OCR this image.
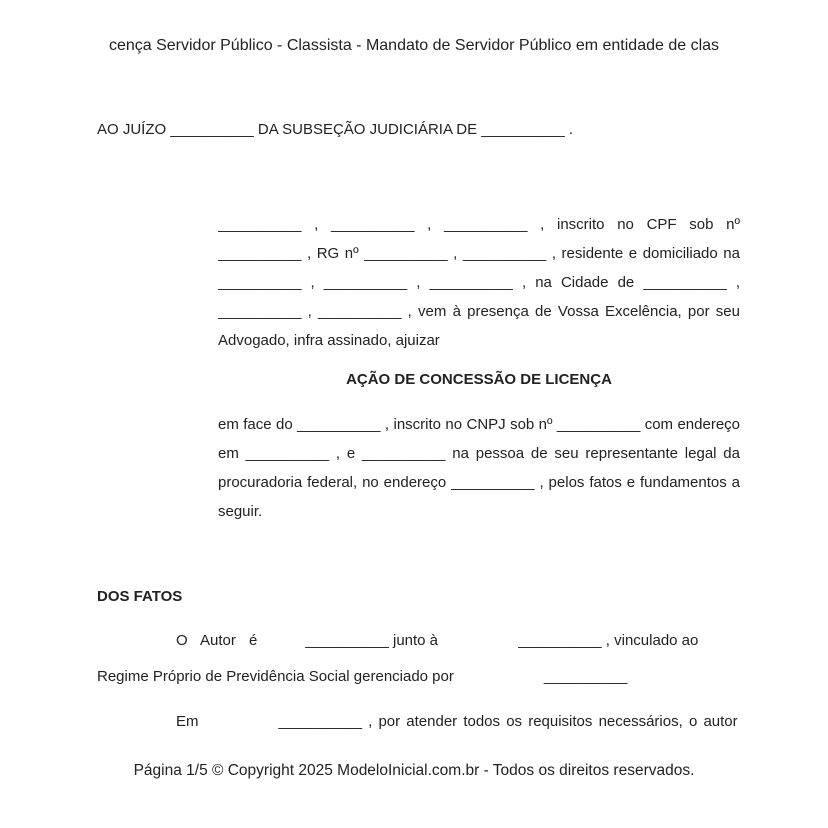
cença Servidor Público - Classista - Mandato de Servidor Público em entidade de clas
AO JUÍZO __________ DA SUBSEÇÃO JUDICIÁRIA DE __________ .
__________ , __________ , __________ , inscrito no CPF sob nº
__________ , RG nº __________ , __________ , residente e domiciliado na
__________ , __________ , __________ , na Cidade de __________ ,
__________ , __________ , vem à presença de Vossa Excelência, por seu
Advogado, infra assinado, ajuizar
AÇÃO DE CONCESSÃO DE LICENÇA
em face do __________ , inscrito no CNPJ sob nº __________ com endereço
em __________ , e __________ na pessoa de seu representante legal da
procuradoria federal, no endereço __________ , pelos fatos e fundamentos a
seguir.
DOS FATOS
O Autor é	__________ junto à	__________ , vinculado ao
Regime Próprio de Previdência Social gerenciado por	__________
Em	__________ , por atender todos os requisitos necessários, o autor
Página 1/5 © Copyright 2025 ModeloInicial.com.br - Todos os direitos reservados.
